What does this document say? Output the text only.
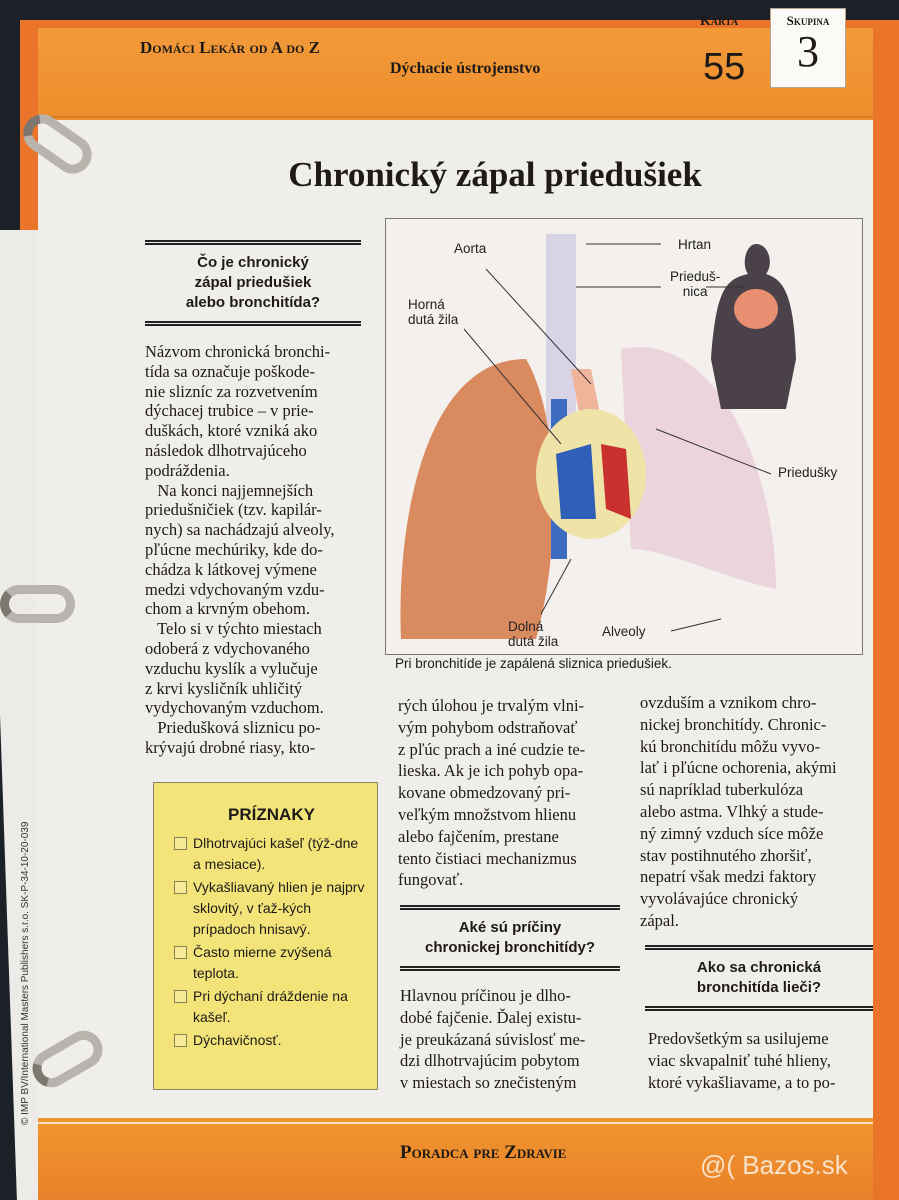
© IMP BV/International Masters Publishers s.r.o. SK-P-34-10-20-039
Domáci Lekár od A do Z
Dýchacie ústrojenstvo
Karta
55
Skupina
3
Chronický zápal priedušiek
Čo je chronický
zápal priedušiek
alebo bronchitída?
Názvom chronická bronchi-
tída sa označuje poškode-
nie slizníc za rozvetvením
dýchacej trubice – v prie-
duškách, ktoré vzniká ako
následok dlhotrvajúceho
podráždenia.
Na konci najjemnejších
priedušničiek (tzv. kapilár-
nych) sa nachádzajú alveoly,
pľúcne mechúriky, kde do-
chádza k látkovej výmene
medzi vdychovaným vzdu-
chom a krvným obehom.
Telo si v týchto miestach
odoberá z vdychovaného
vzduchu kyslík a vylučuje
z krvi kysličník uhličitý
vydychovaným vzduchom.
Priedušková sliznicu po-
krývajú drobné riasy, kto-
Aorta	Hrtan
Prieduš-
nica
Horná
dutá žila
Priedušky
Dolná
dutá žila
Alveoly
Pri bronchitíde je zapálená sliznica priedušiek.
PRÍZNAKY
Dlhotrvajúci kašeľ (týž-dne a mesiace).
Vykašliavaný hlien je najprv sklovitý, v ťaž-kých prípadoch hnisavý.
Často mierne zvýšená teplota.
Pri dýchaní dráždenie na kašeľ.
Dýchavičnosť.
rých úlohou je trvalým vlni-
vým pohybom odstraňovať
z pľúc prach a iné cudzie te-
lieska. Ak je ich pohyb opa-
kovane obmedzovaný pri-
veľkým množstvom hlienu
alebo fajčením, prestane
tento čistiaci mechanizmus
fungovať.
Aké sú príčiny
chronickej bronchitídy?
Hlavnou príčinou je dlho-
dobé fajčenie. Ďalej existu-
je preukázaná súvislosť me-
dzi dlhotrvajúcim pobytom
v miestach so znečisteným
ovzduším a vznikom chro-
nickej bronchitídy. Chronic-
kú bronchitídu môžu vyvo-
lať i pľúcne ochorenia, akými
sú napríklad tuberkulóza
alebo astma. Vlhký a stude-
ný zimný vzduch síce môže
stav postihnutého zhoršiť,
nepatrí však medzi faktory
vyvolávajúce chronický
zápal.
Ako sa chronická
bronchitída lieči?
Predovšetkým sa usilujeme
viac skvapalniť tuhé hlieny,
ktoré vykašliavame, a to po-
Poradca pre Zdravie	@( Bazos.sk
